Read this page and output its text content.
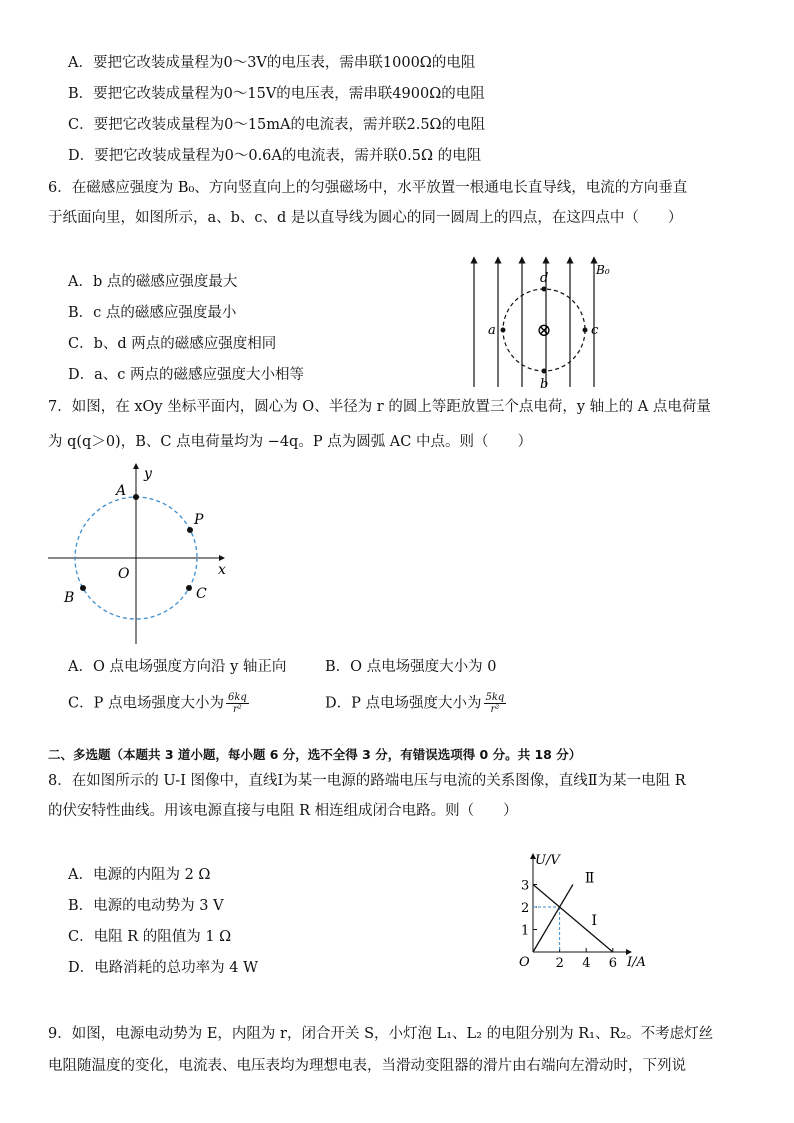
A．要把它改装成量程为0～3V的电压表，需串联1000Ω的电阻
B．要把它改装成量程为0～15V的电压表，需串联4900Ω的电阻
C．要把它改装成量程为0～15mA的电流表，需并联2.5Ω的电阻
D．要把它改装成量程为0～0.6A的电流表，需并联0.5Ω 的电阻
6．在磁感应强度为 B₀、方向竖直向上的匀强磁场中，水平放置一根通电长直导线，电流的方向垂直
于纸面向里，如图所示，a、b、c、d 是以直导线为圆心的同一圆周上的四点，在这四点中（　　）
A．b 点的磁感应强度最大
B．c 点的磁感应强度最小
C．b、d 两点的磁感应强度相同
D．a、c 两点的磁感应强度大小相等
⊗
a
b
c
d
B₀
7．如图，在 xOy 坐标平面内，圆心为 O、半径为 r 的圆上等距放置三个点电荷，y 轴上的 A 点电荷量
为 q(q＞0)，B、C 点电荷量均为 −4q。P 点为圆弧 AC 中点。则（　　）
A
P
B	C
O	x
y
A．O 点电场强度方向沿 y 轴正向	B．O 点电场强度大小为 0
C．P 点电场强度大小为 $\frac{6kq}{\text{r²}}$	D．P 点电场强度大小为 $\frac{5kq}{\text{r²}}$
二、多选题（本题共 3 道小题，每小题 6 分，选不全得 3 分，有错误选项得 0 分。共 18 分）
8．在如图所示的 U-I 图像中，直线Ⅰ为某一电源的路端电压与电流的关系图像，直线Ⅱ为某一电阻 R
的伏安特性曲线。用该电源直接与电阻 R 相连组成闭合电路。则（　　）
A．电源的内阻为 2 Ω
B．电源的电动势为 3 V
C．电阻 R 的阻值为 1 Ω
D．电路消耗的总功率为 4 W
U/V
I/A
O
1
2
3
2 4 6
Ⅰ
Ⅱ
9．如图，电源电动势为 E，内阻为 r，闭合开关 S，小灯泡 L₁、L₂ 的电阻分别为 R₁、R₂。不考虑灯丝
电阻随温度的变化，电流表、电压表均为理想电表，当滑动变阻器的滑片由右端向左滑动时，下列说
